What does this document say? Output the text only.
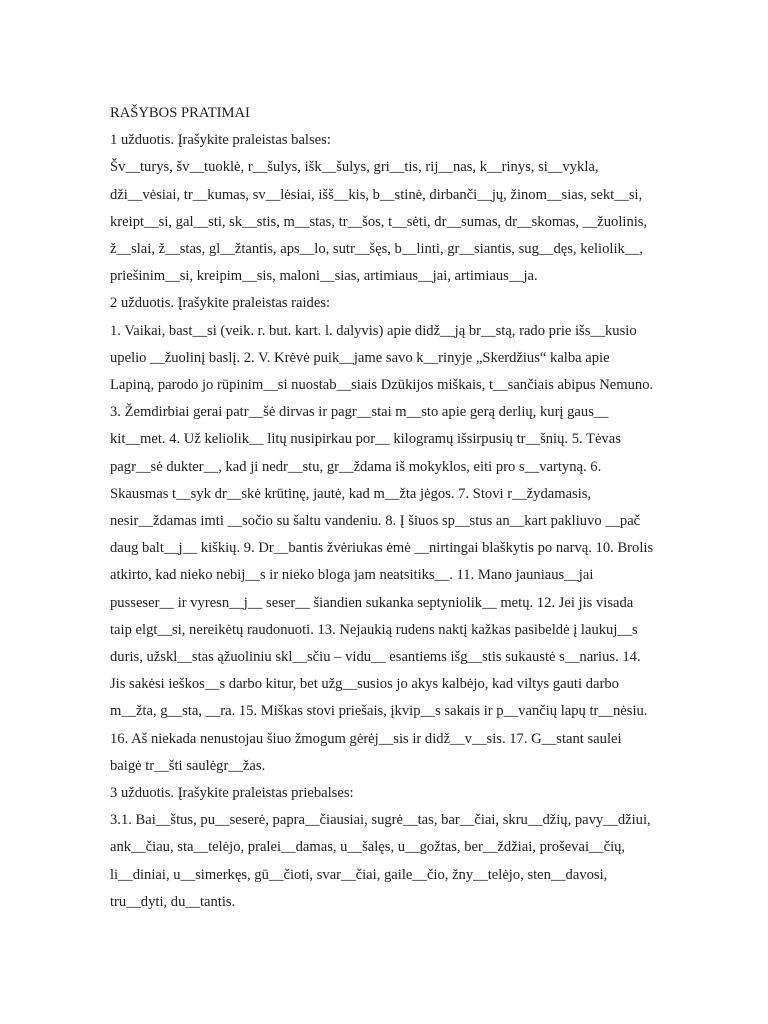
RAŠYBOS PRATIMAI

1 užduotis. Įrašykite praleistas balses:

Šv__turys, šv__tuoklė, r__šulys, išk__šulys, gri__tis, rij__nas, k__rinys, si__vykla,

dži__vėsiai, tr__kumas, sv__lėsiai, išš__kis, b__stinė, dirbanči__jų, žinom__sias, sekt__si,

kreipt__si, gal__sti, sk__stis, m__stas, tr__šos, t__sėti, dr__sumas, dr__skomas, __žuolinis,

ž__slai, ž__stas, gl__žtantis, aps__lo, sutr__šęs, b__linti, gr__siantis, sug__dęs, keliolik__,

priešinim__si, kreipim__sis, maloni__sias, artimiaus__jai, artimiaus__ja.

2 užduotis. Įrašykite praleistas raides:

1. Vaikai, bast__si (veik. r. but. kart. l. dalyvis) apie didž__ją br__stą, rado prie išs__kusio

upelio __žuolinį baslį. 2. V. Krėvė puik__jame savo k__rinyje „Skerdžius“ kalba apie

Lapiną, parodo jo rūpinim__si nuostab__siais Dzūkijos miškais, t__sančiais abipus Nemuno.

3. Žemdirbiai gerai patr__šė dirvas ir pagr__stai m__sto apie gerą derlių, kurį gaus__

kit__met. 4. Už keliolik__ litų nusipirkau por__ kilogramų išsirpusių tr__šnių. 5. Tėvas

pagr__sė dukter__, kad ji nedr__stu, gr__ždama iš mokyklos, eiti pro s__vartyną. 6.

Skausmas t__syk dr__skė krūtinę, jautė, kad m__žta jėgos. 7. Stovi r__žydamasis,

nesir__ždamas imti __sočio su šaltu vandeniu. 8. Į šiuos sp__stus an__kart pakliuvo __pač

daug balt__j__ kiškių. 9. Dr__bantis žvėriukas ėmė __nirtingai blaškytis po narvą. 10. Brolis

atkirto, kad nieko nebij__s ir nieko bloga jam neatsitiks__. 11. Mano jauniaus__jai

pusseser__ ir vyresn__j__ seser__ šiandien sukanka septyniolik__ metų. 12. Jei jis visada

taip elgt__si, nereikėtų raudonuoti. 13. Nejaukią rudens naktį kažkas pasibeldė į laukuj__s

duris, užskl__stas ąžuoliniu skl__sčiu – vidu__ esantiems išg__stis sukaustė s__narius. 14.

Jis sakėsi ieškos__s darbo kitur, bet užg__susios jo akys kalbėjo, kad viltys gauti darbo

m__žta, g__sta, __ra. 15. Miškas stovi priešais, įkvip__s sakais ir p__vančių lapų tr__nėsiu.

16. Aš niekada nenustojau šiuo žmogum gėrėj__sis ir didž__v__sis. 17. G__stant saulei

baigė tr__šti saulėgr__žas.

3 užduotis. Įrašykite praleistas priebalses:

3.1. Bai__štus, pu__seserė, papra__čiausiai, sugrė__tas, bar__čiai, skru__džių, pavy__džiui,

ank__čiau, sta__telėjo, pralei__damas, u__šalęs, u__gožtas, ber__ždžiai, proševai__čių,

li__diniai, u__simerkęs, gū__čioti, svar__čiai, gaile__čio, žny__telėjo, sten__davosi,

tru__dyti, du__tantis.
